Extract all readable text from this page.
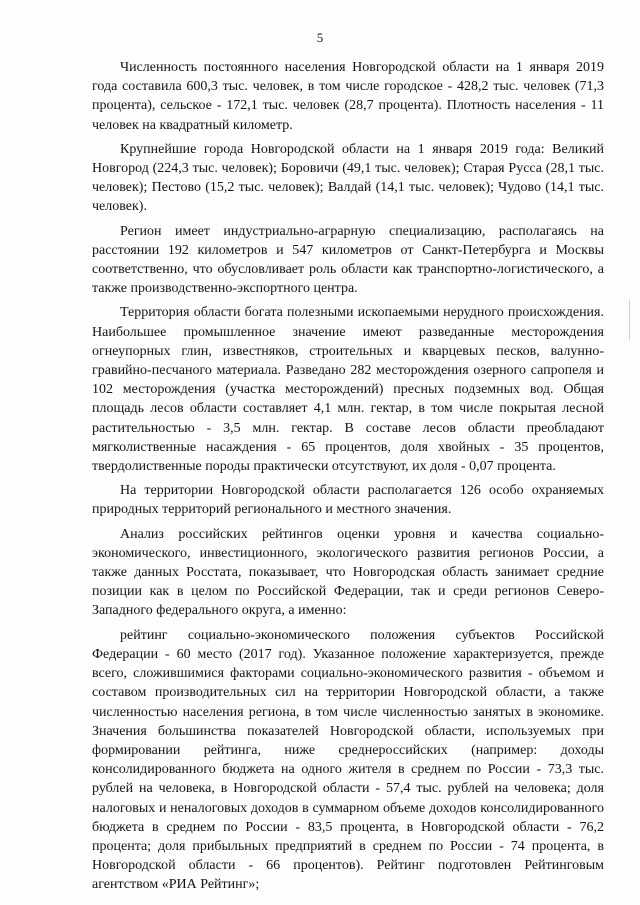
5

Численность постоянного населения Новгородской области на 1 января 2019 года составила 600,3 тыс. человек, в том числе городское - 428,2 тыс. человек (71,3 процента), сельское - 172,1 тыс. человек (28,7 процента). Плотность населения - 11 человек на квадратный километр.

Крупнейшие города Новгородской области на 1 января 2019 года: Великий Новгород (224,3 тыс. человек); Боровичи (49,1 тыс. человек); Старая Русса (28,1 тыс. человек); Пестово (15,2 тыс. человек); Валдай (14,1 тыс. человек); Чудово (14,1 тыс. человек).

Регион имеет индустриально-аграрную специализацию, располагаясь на расстоянии 192 километров и 547 километров от Санкт-Петербурга и Москвы соответственно, что обусловливает роль области как транспортно-логистического, а также производственно-экспортного центра.

Территория области богата полезными ископаемыми нерудного происхождения. Наибольшее промышленное значение имеют разведанные месторождения огнеупорных глин, известняков, строительных и кварцевых песков, валунно-гравийно-песчаного материала. Разведано 282 месторождения озерного сапропеля и 102 месторождения (участка месторождений) пресных подземных вод. Общая площадь лесов области составляет 4,1 млн. гектар, в том числе покрытая лесной растительностью - 3,5 млн. гектар. В составе лесов области преобладают мягколиственные насаждения - 65 процентов, доля хвойных - 35 процентов, твердолиственные породы практически отсутствуют, их доля - 0,07 процента.

На территории Новгородской области располагается 126 особо охраняемых природных территорий регионального и местного значения.

Анализ российских рейтингов оценки уровня и качества социально-экономического, инвестиционного, экологического развития регионов России, а также данных Росстата, показывает, что Новгородская область занимает средние позиции как в целом по Российской Федерации, так и среди регионов Северо-Западного федерального округа, а именно:

рейтинг социально-экономического положения субъектов Российской Федерации - 60 место (2017 год). Указанное положение характеризуется, прежде всего, сложившимися факторами социально-экономического развития - объемом и составом производительных сил на территории Новгородской области, а также численностью населения региона, в том числе численностью занятых в экономике. Значения большинства показателей Новгородской области, используемых при формировании рейтинга, ниже среднероссийских (например: доходы консолидированного бюджета на одного жителя в среднем по России - 73,3 тыс. рублей на человека, в Новгородской области - 57,4 тыс. рублей на человека; доля налоговых и неналоговых доходов в суммарном объеме доходов консолидированного бюджета в среднем по России - 83,5 процента, в Новгородской области - 76,2 процента; доля прибыльных предприятий в среднем по России - 74 процента, в Новгородской области - 66 процентов). Рейтинг подготовлен Рейтинговым агентством «РИА Рейтинг»;
